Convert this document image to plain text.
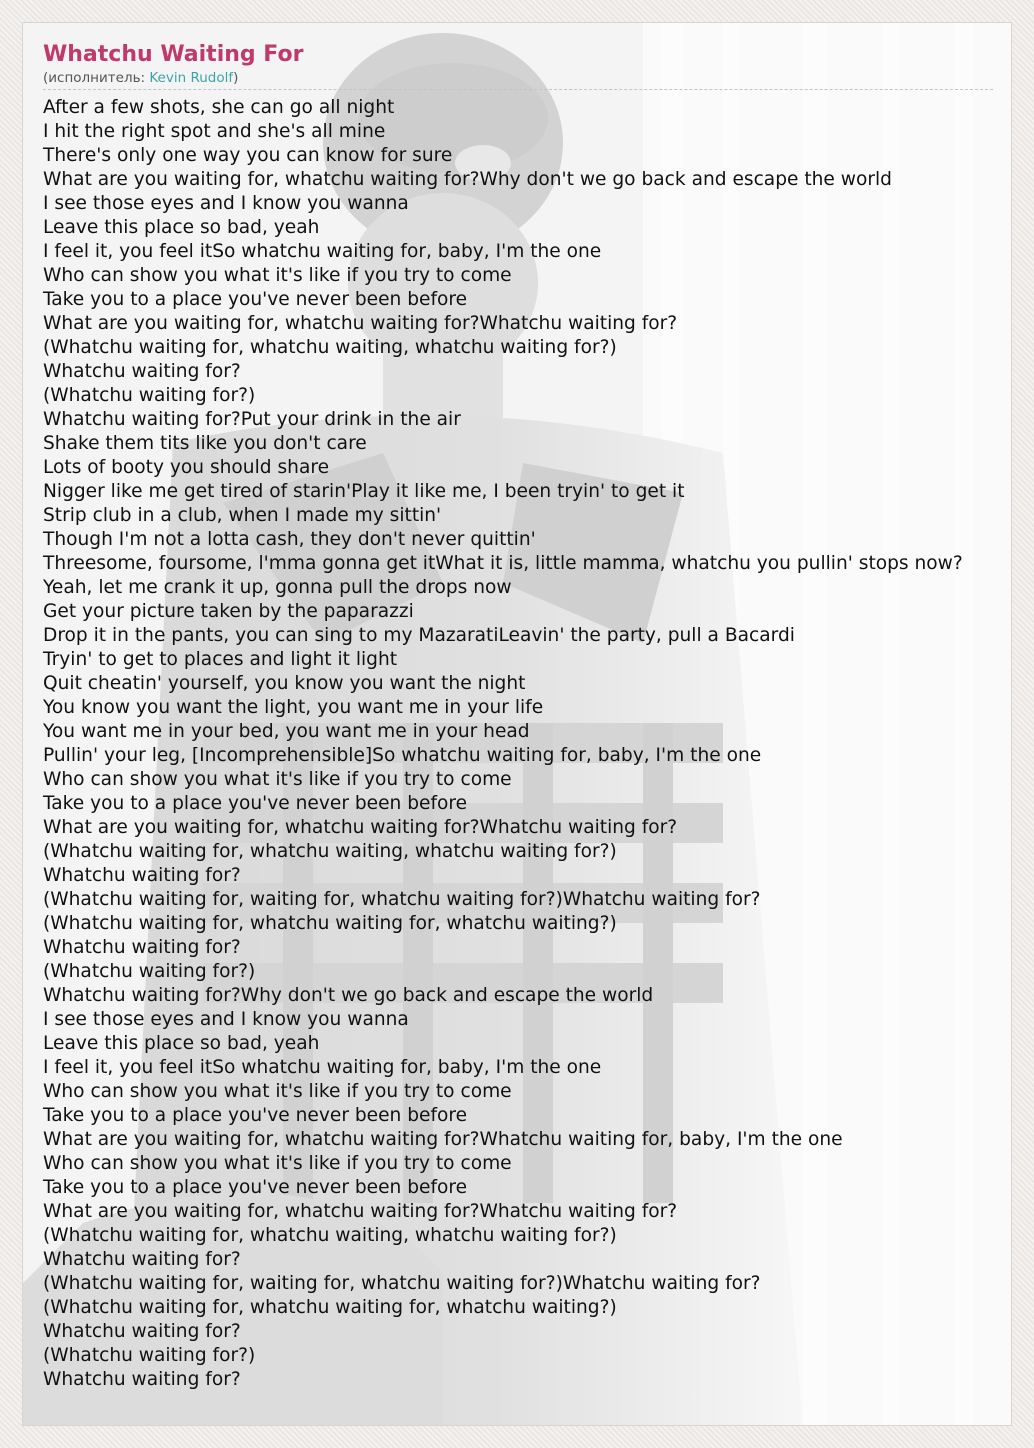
Whatchu Waiting For
(исполнитель: Kevin Rudolf)
After a few shots, she can go all night
I hit the right spot and she's all mine
There's only one way you can know for sure
What are you waiting for, whatchu waiting for?Why don't we go back and escape the world
I see those eyes and I know you wanna
Leave this place so bad, yeah
I feel it, you feel itSo whatchu waiting for, baby, I'm the one
Who can show you what it's like if you try to come
Take you to a place you've never been before
What are you waiting for, whatchu waiting for?Whatchu waiting for?
(Whatchu waiting for, whatchu waiting, whatchu waiting for?)
Whatchu waiting for?
(Whatchu waiting for?)
Whatchu waiting for?Put your drink in the air
Shake them tits like you don't care
Lots of booty you should share
Nigger like me get tired of starin'Play it like me, I been tryin' to get it
Strip club in a club, when I made my sittin'
Though I'm not a lotta cash, they don't never quittin'
Threesome, foursome, l'mma gonna get itWhat it is, little mamma, whatchu you pullin' stops now?
Yeah, let me crank it up, gonna pull the drops now
Get your picture taken by the paparazzi
Drop it in the pants, you can sing to my MazaratiLeavin' the party, pull a Bacardi
Tryin' to get to places and light it light
Quit cheatin' yourself, you know you want the night
You know you want the light, you want me in your life
You want me in your bed, you want me in your head
Pullin' your leg, [Incomprehensible]So whatchu waiting for, baby, I'm the one
Who can show you what it's like if you try to come
Take you to a place you've never been before
What are you waiting for, whatchu waiting for?Whatchu waiting for?
(Whatchu waiting for, whatchu waiting, whatchu waiting for?)
Whatchu waiting for?
(Whatchu waiting for, waiting for, whatchu waiting for?)Whatchu waiting for?
(Whatchu waiting for, whatchu waiting for, whatchu waiting?)
Whatchu waiting for?
(Whatchu waiting for?)
Whatchu waiting for?Why don't we go back and escape the world
I see those eyes and I know you wanna
Leave this place so bad, yeah
I feel it, you feel itSo whatchu waiting for, baby, I'm the one
Who can show you what it's like if you try to come
Take you to a place you've never been before
What are you waiting for, whatchu waiting for?Whatchu waiting for, baby, I'm the one
Who can show you what it's like if you try to come
Take you to a place you've never been before
What are you waiting for, whatchu waiting for?Whatchu waiting for?
(Whatchu waiting for, whatchu waiting, whatchu waiting for?)
Whatchu waiting for?
(Whatchu waiting for, waiting for, whatchu waiting for?)Whatchu waiting for?
(Whatchu waiting for, whatchu waiting for, whatchu waiting?)
Whatchu waiting for?
(Whatchu waiting for?)
Whatchu waiting for?
